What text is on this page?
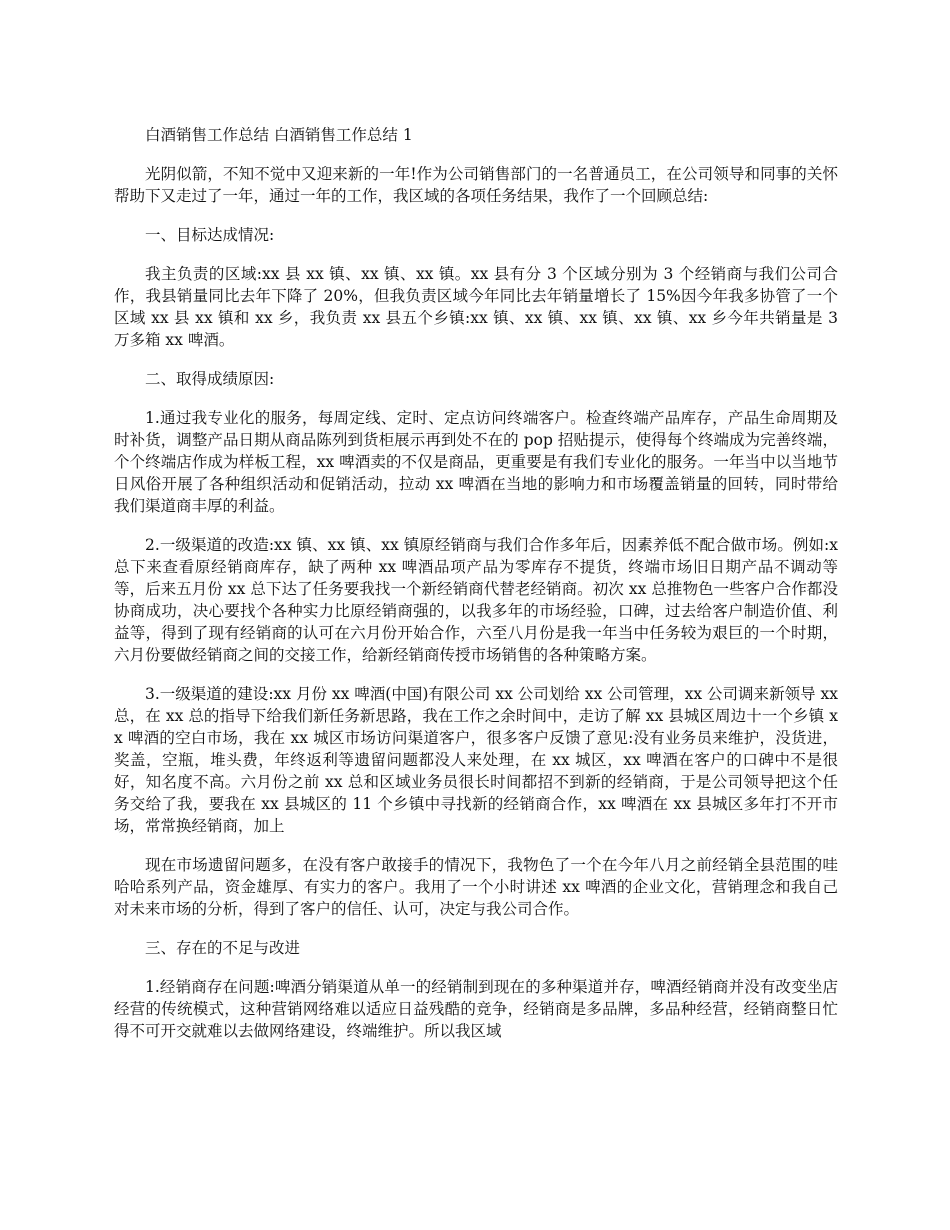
白酒销售工作总结 白酒销售工作总结 1

光阴似箭，不知不觉中又迎来新的一年!作为公司销售部门的一名普通员工，在公司领导和同事的关怀帮助下又走过了一年，通过一年的工作，我区域的各项任务结果，我作了一个回顾总结:

一、目标达成情况:

我主负责的区域:xx 县 xx 镇、xx 镇、xx 镇。xx 县有分 3 个区域分别为 3 个经销商与我们公司合作，我县销量同比去年下降了 20%，但我负责区域今年同比去年销量增长了 15%因今年我多协管了一个区域 xx 县 xx 镇和 xx 乡，我负责 xx 县五个乡镇:xx 镇、xx 镇、xx 镇、xx 镇、xx 乡今年共销量是 3 万多箱 xx 啤酒。

二、取得成绩原因:

1.通过我专业化的服务，每周定线、定时、定点访问终端客户。检查终端产品库存，产品生命周期及时补货，调整产品日期从商品陈列到货柜展示再到处不在的 pop 招贴提示，使得每个终端成为完善终端，个个终端店作成为样板工程，xx 啤酒卖的不仅是商品，更重要是有我们专业化的服务。一年当中以当地节日风俗开展了各种组织活动和促销活动，拉动 xx 啤酒在当地的影响力和市场覆盖销量的回转，同时带给我们渠道商丰厚的利益。

2.一级渠道的改造:xx 镇、xx 镇、xx 镇原经销商与我们合作多年后，因素养低不配合做市场。例如:x 总下来查看原经销商库存，缺了两种 xx 啤酒品项产品为零库存不提货，终端市场旧日期产品不调动等等，后来五月份 xx 总下达了任务要我找一个新经销商代替老经销商。初次 xx 总推物色一些客户合作都没协商成功，决心要找个各种实力比原经销商强的，以我多年的市场经验，口碑，过去给客户制造价值、利益等，得到了现有经销商的认可在六月份开始合作，六至八月份是我一年当中任务较为艰巨的一个时期，六月份要做经销商之间的交接工作，给新经销商传授市场销售的各种策略方案。

3.一级渠道的建设:xx 月份 xx 啤酒(中国)有限公司 xx 公司划给 xx 公司管理，xx 公司调来新领导 xx 总，在 xx 总的指导下给我们新任务新思路，我在工作之余时间中，走访了解 xx 县城区周边十一个乡镇 xx 啤酒的空白市场，我在 xx 城区市场访问渠道客户，很多客户反馈了意见:没有业务员来维护，没货进，奖盖，空瓶，堆头费，年终返利等遗留问题都没人来处理，在 xx 城区，xx 啤酒在客户的口碑中不是很好，知名度不高。六月份之前 xx 总和区域业务员很长时间都招不到新的经销商，于是公司领导把这个任务交给了我，要我在 xx 县城区的 11 个乡镇中寻找新的经销商合作，xx 啤酒在 xx 县城区多年打不开市场，常常换经销商，加上

现在市场遗留问题多，在没有客户敢接手的情况下，我物色了一个在今年八月之前经销全县范围的哇哈哈系列产品，资金雄厚、有实力的客户。我用了一个小时讲述 xx 啤酒的企业文化，营销理念和我自己对未来市场的分析，得到了客户的信任、认可，决定与我公司合作。

三、存在的不足与改进

1.经销商存在问题:啤酒分销渠道从单一的经销制到现在的多种渠道并存，啤酒经销商并没有改变坐店经营的传统模式，这种营销网络难以适应日益残酷的竞争，经销商是多品牌，多品种经营，经销商整日忙得不可开交就难以去做网络建设，终端维护。所以我区域
